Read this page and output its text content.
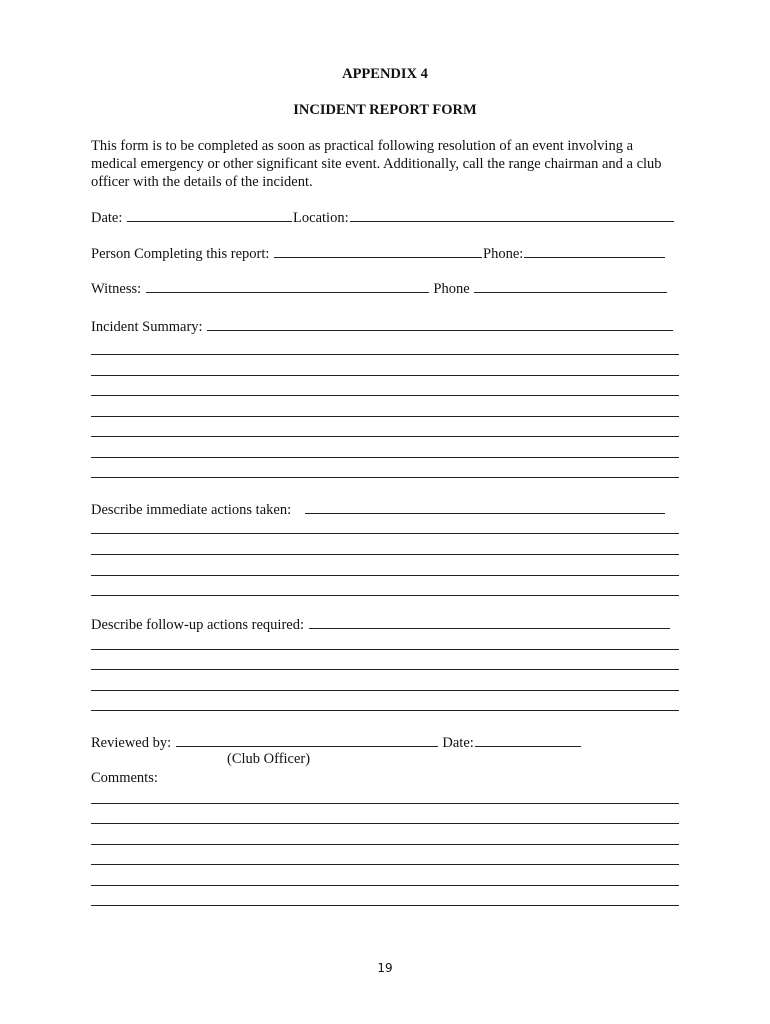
APPENDIX 4
INCIDENT REPORT FORM
This form is to be completed as soon as practical following resolution of an event involving a medical emergency or other significant site event. Additionally, call the range chairman and a club officer with the details of the incident.
Date:	Location:
Person Completing this report:	Phone:
Witness:	Phone
Incident Summary:
Describe immediate actions taken:
Describe follow-up actions required:
Reviewed by:	Date:
(Club Officer)
Comments:
19
